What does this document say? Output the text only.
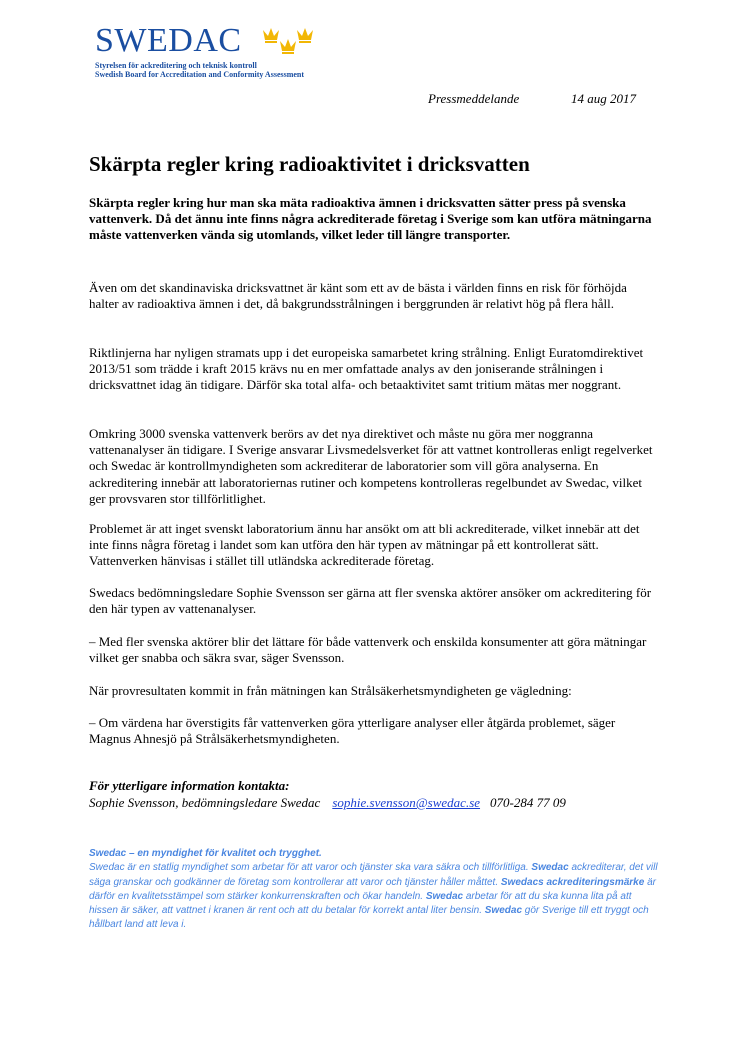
SWEDAC
Styrelsen för ackreditering och teknisk kontroll
Swedish Board for Accreditation and Conformity Assessment
Pressmeddelande	14 aug 2017
Skärpta regler kring radioaktivitet i dricksvatten
Skärpta regler kring hur man ska mäta radioaktiva ämnen i dricksvatten sätter press på svenska vattenverk. Då det ännu inte finns några ackrediterade företag i Sverige som kan utföra mätningarna måste vattenverken vända sig utomlands, vilket leder till längre transporter.
Även om det skandinaviska dricksvattnet är känt som ett av de bästa i världen finns en risk för förhöjda halter av radioaktiva ämnen i det, då bakgrundsstrålningen i berggrunden är relativt hög på flera håll.
Riktlinjerna har nyligen stramats upp i det europeiska samarbetet kring strålning. Enligt Euratomdirektivet 2013/51 som trädde i kraft 2015 krävs nu en mer omfattade analys av den joniserande strålningen i dricksvattnet idag än tidigare. Därför ska total alfa- och betaaktivitet samt tritium mätas mer noggrant.
Omkring 3000 svenska vattenverk berörs av det nya direktivet och måste nu göra mer noggranna vattenanalyser än tidigare. I Sverige ansvarar Livsmedelsverket för att vattnet kontrolleras enligt regelverket och Swedac är kontrollmyndigheten som ackrediterar de laboratorier som vill göra analyserna. En ackreditering innebär att laboratoriernas rutiner och kompetens kontrolleras regelbundet av Swedac, vilket ger provsvaren stor tillförlitlighet.
Problemet är att inget svenskt laboratorium ännu har ansökt om att bli ackrediterade, vilket innebär att det inte finns några företag i landet som kan utföra den här typen av mätningar på ett kontrollerat sätt. Vattenverken hänvisas i stället till utländska ackrediterade företag.
Swedacs bedömningsledare Sophie Svensson ser gärna att fler svenska aktörer ansöker om ackreditering för den här typen av vattenanalyser.
– Med fler svenska aktörer blir det lättare för både vattenverk och enskilda konsumenter att göra mätningar vilket ger snabba och säkra svar, säger Svensson.
När provresultaten kommit in från mätningen kan Strålsäkerhetsmyndigheten ge vägledning:
– Om värdena har överstigits får vattenverken göra ytterligare analyser eller åtgärda problemet, säger Magnus Ahnesjö på Strålsäkerhetsmyndigheten.
För ytterligare information kontakta:
Sophie Svensson, bedömningsledare Swedac sophie.svensson@swedac.se 070-284 77 09
Swedac – en myndighet för kvalitet och trygghet.
Swedac är en statlig myndighet som arbetar för att varor och tjänster ska vara säkra och tillförlitliga. Swedac ackrediterar, det vill säga granskar och godkänner de företag som kontrollerar att varor och tjänster håller måttet. Swedacs ackrediteringsmärke är därför en kvalitetsstämpel som stärker konkurrenskraften och ökar handeln. Swedac arbetar för att du ska kunna lita på att hissen är säker, att vattnet i kranen är rent och att du betalar för korrekt antal liter bensin. Swedac gör Sverige till ett tryggt och hållbart land att leva i.
